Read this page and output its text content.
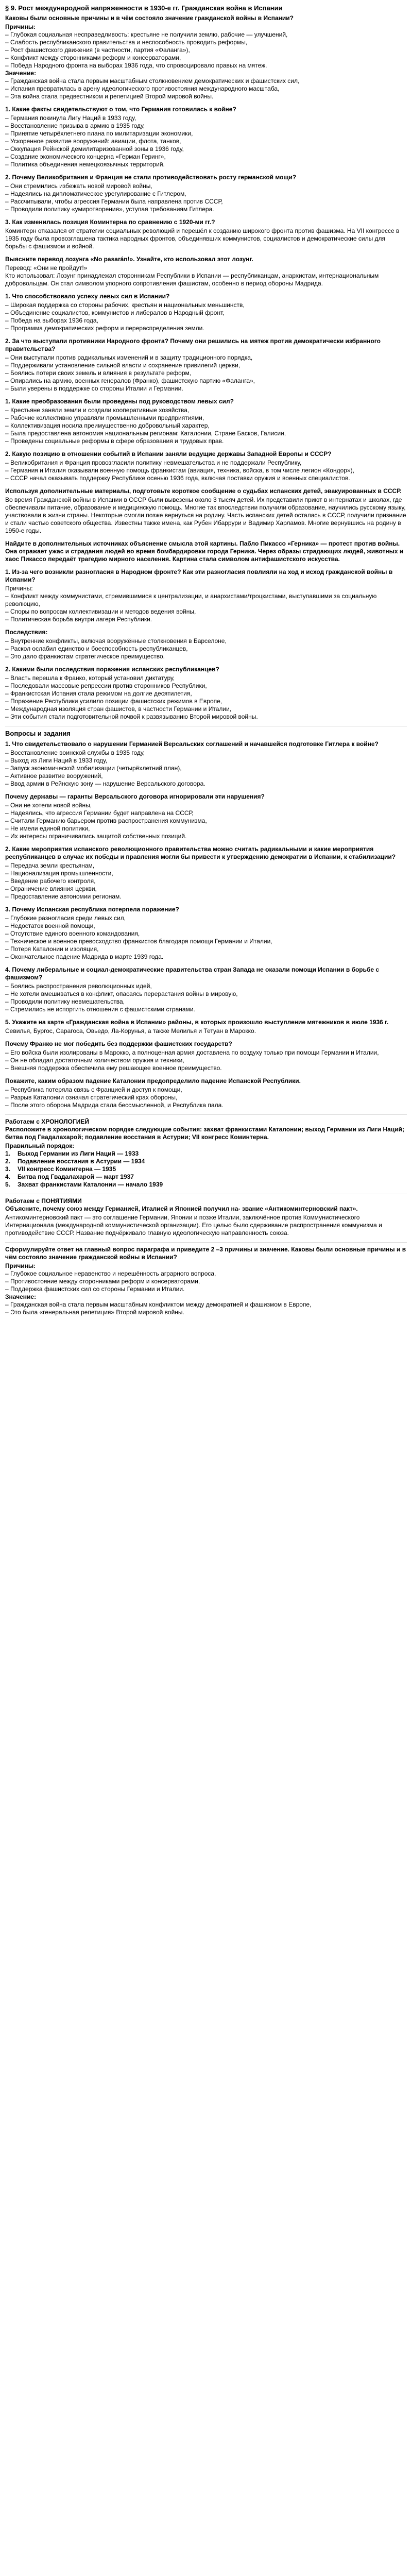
§ 9. Рост международной напряженности в 1930-е гг. Гражданская война в Испании
Каковы были основные причины и в чём состояло значение гражданской войны в Испании?
Причины:
– Глубокая социальная несправедливость: крестьяне не получили землю, рабочие — улучшений,
– Слабость республиканского правительства и неспособность проводить реформы,
– Рост фашистского движения (в частности, партия «Фаланга»),
– Конфликт между сторонниками реформ и консерваторами,
– Победа Народного фронта на выборах 1936 года, что спровоцировало правых на мятеж.
Значение:
– Гражданская война стала первым масштабным столкновением демократических и фашистских сил,
– Испания превратилась в арену идеологического противостояния международного масштаба,
– Эта война стала предвестником и репетицией Второй мировой войны.
1. Какие факты свидетельствуют о том, что Германия готовилась к войне?
– Германия покинула Лигу Наций в 1933 году,
– Восстановление призыва в армию в 1935 году,
– Принятие четырёхлетнего плана по милитаризации экономики,
– Ускоренное развитие вооружений: авиации, флота, танков,
– Оккупация Рейнской демилитаризованной зоны в 1936 году,
– Создание экономического концерна «Герман Геринг»,
– Политика объединения немецкоязычных территорий.
2. Почему Великобритания и Франция не стали противодействовать росту германской мощи?
– Они стремились избежать новой мировой войны,
– Надеялись на дипломатическое урегулирование с Гитлером,
– Рассчитывали, чтобы агрессия Германии была направлена против СССР,
– Проводили политику «умиротворения», уступая требованиям Гитлера.
3. Как изменилась позиция Коминтерна по сравнению с 1920-ми гг.?
Коминтерн отказался от стратегии социальных революций и перешёл к созданию широкого фронта против фашизма. На VII конгрессе в 1935 году была провозглашена тактика народных фронтов, объединявших коммунистов, социалистов и демократические силы для борьбы с фашизмом и войной.
Выясните перевод лозунга «No pasarán!». Узнайте, кто использовал этот лозунг.
Перевод: «Они не пройдут!»
Кто использовал: Лозунг принадлежал сторонникам Республики в Испании — республиканцам, анархистам, интернациональным добровольцам. Он стал символом упорного сопротивления фашистам, особенно в период обороны Мадрида.
1. Что способствовало успеху левых сил в Испании?
– Широкая поддержка со стороны рабочих, крестьян и национальных меньшинств,
– Объединение социалистов, коммунистов и либералов в Народный фронт,
– Победа на выборах 1936 года,
– Программа демократических реформ и перераспределения земли.
2. За что выступали противники Народного фронта? Почему они решились на мятеж против демократически избранного правительства?
– Они выступали против радикальных изменений и в защиту традиционного порядка,
– Поддерживали установление сильной власти и сохранение привилегий церкви,
– Боялись потери своих земель и влияния в результате реформ,
– Опирались на армию, военных генералов (Франко), фашистскую партию «Фаланга»,
– Были уверены в поддержке со стороны Италии и Германии.
1. Какие преобразования были проведены под руководством левых сил?
– Крестьяне заняли земли и создали кооперативные хозяйства,
– Рабочие коллективно управляли промышленными предприятиями,
– Коллективизация носила преимущественно добровольный характер,
– Была предоставлена автономия национальным регионам: Каталонии, Стране Басков, Галисии,
– Проведены социальные реформы в сфере образования и трудовых прав.
2. Какую позицию в отношении событий в Испании заняли ведущие державы Западной Европы и СССР?
– Великобритания и Франция провозгласили политику невмешательства и не поддержали Республику,
– Германия и Италия оказывали военную помощь франкистам (авиация, техника, войска, в том числе легион «Кондор»),
– СССР начал оказывать поддержку Республике осенью 1936 года, включая поставки оружия и военных специалистов.
Используя дополнительные материалы, подготовьте короткое сообщение о судьбах испанских детей, эвакуированных в СССР.
Во время Гражданской войны в Испании в СССР были вывезены около 3 тысяч детей. Их представили приют в интернатах и школах, где обеспечивали питание, образование и медицинскую помощь. Многие так впоследствии получили образование, научились русскому языку, участвовали в жизни страны. Некоторые смогли позже вернуться на родину. Часть испанских детей осталась в СССР, получили признание и стали частью советского общества. Известны также имена, как Рубен Ибаррури и Вадимир Харламов. Многие вернувшись на родину в 1950-е годы.
Найдите в дополнительных источниках объяснение смысла этой картины. Пабло Пикассо «Герника» — протест против войны. Она отражает ужас и страдания людей во время бомбардировки города Герника. Через образы страдающих людей, животных и хаос Пикассо передаёт трагедию мирного населения. Картина стала символом антифашистского искусства.
1. Из-за чего возникли разногласия в Народном фронте? Как эти разногласия повлияли на ход и исход гражданской войны в Испании?
Причины:
– Конфликт между коммунистами, стремившимися к централизации, и анархистами/троцкистами, выступавшими за социальную революцию,
– Споры по вопросам коллективизации и методов ведения войны,
– Политическая борьба внутри лагеря Республики.
Последствия:
– Внутренние конфликты, включая вооружённые столкновения в Барселоне,
– Раскол ослабил единство и боеспособность республиканцев,
– Это дало франкистам стратегическое преимущество.
2. Какими были последствия поражения испанских республиканцев?
– Власть перешла к Франко, который установил диктатуру,
– Последовали массовые репрессии против сторонников Республики,
– Франкистская Испания стала режимом на долгие десятилетия,
– Поражение Республики усилило позиции фашистских режимов в Европе,
– Международная изоляция стран фашистов, в частности Германии и Италии,
– Эти события стали подготовительной почвой к развязыванию Второй мировой войны.
Вопросы и задания
1. Что свидетельствовало о нарушении Германией Версальских соглашений и начавшейся подготовке Гитлера к войне?
– Восстановление воинской службы в 1935 году,
– Выход из Лиги Наций в 1933 году,
– Запуск экономической мобилизации (четырёхлетний план),
– Активное развитие вооружений,
– Ввод армии в Рейнскую зону — нарушение Версальского договора.
Почему державы — гаранты Версальского договора игнорировали эти нарушения?
– Они не хотели новой войны,
– Надеялись, что агрессия Германии будет направлена на СССР,
– Считали Германию барьером против распространения коммунизма,
– Не имели единой политики,
– Их интересы ограничивались защитой собственных позиций.
2. Какие мероприятия испанского революционного правительства можно считать радикальными и какие мероприятия республиканцев в случае их победы и правления могли бы привести к утверждению демократии в Испании, к стабилизации?
– Передача земли крестьянам,
– Национализация промышленности,
– Введение рабочего контроля,
– Ограничение влияния церкви,
– Предоставление автономии регионам.
3. Почему Испанская республика потерпела поражение?
– Глубокие разногласия среди левых сил,
– Недостаток военной помощи,
– Отсутствие единого военного командования,
– Техническое и военное превосходство франкистов благодаря помощи Германии и Италии,
– Потеря Каталонии и изоляция,
– Окончательное падение Мадрида в марте 1939 года.
4. Почему либеральные и социал-демократические правительства стран Запада не оказали помощи Испании в борьбе с фашизмом?
– Боялись распространения революционных идей,
– Не хотели вмешиваться в конфликт, опасаясь перерастания войны в мировую,
– Проводили политику невмешательства,
– Стремились не испортить отношения с фашистскими странами.
5. Укажите на карте «Гражданская война в Испании» районы, в которых произошло выступление мятежников в июле 1936 г.
Севилья, Бургос, Сарагоса, Овьедо, Ла-Корунья, а также Мелилья и Тетуан в Марокко.
Почему Франко не мог победить без поддержки фашистских государств?
– Его войска были изолированы в Марокко, а полноценная армия доставлена по воздуху только при помощи Германии и Италии,
– Он не обладал достаточным количеством оружия и техники,
– Внешняя поддержка обеспечила ему решающее военное преимущество.
Покажите, каким образом падение Каталонии предопределило падение Испанской Республики.
– Республика потеряла связь с Францией и доступ к помощи,
– Разрыв Каталонии означал стратегический крах обороны,
– После этого оборона Мадрида стала бессмысленной, и Республика пала.
Работаем с ХРОНОЛОГИЕЙ
Расположите в хронологическом порядке следующие события: захват франкистами Каталонии; выход Германии из Лиги Наций; битва под Гвадалахарой; подавление восстания в Астурии; VII конгресс Коминтерна.
Правильный порядок:
1. Выход Германии из Лиги Наций — 1933
2. Подавление восстания в Астурии — 1934
3. VII конгресс Коминтерна — 1935
4. Битва под Гвадалахарой — март 1937
5. Захват франкистами Каталонии — начало 1939
Работаем с ПОНЯТИЯМИ
Объясните, почему союз между Германией, Италией и Японией получил на- звание «Антикоминтерновский пакт».
Антикоминтерновский пакт — это соглашение Германии, Японии и позже Италии, заключённое против Коммунистического Интернационала (международной коммунистической организации). Его целью было сдерживание распространения коммунизма и противодействие СССР. Название подчёркивало главную идеологическую направленность союза.
Сформулируйте ответ на главный вопрос параграфа и приведите 2 –3 причины и значение. Каковы были основные причины и в чём состояло значение гражданской войны в Испании?
Причины:
– Глубокое социальное неравенство и нерешённость аграрного вопроса,
– Противостояние между сторонниками реформ и консерваторами,
– Поддержка фашистских сил со стороны Германии и Италии.
Значение:
– Гражданская война стала первым масштабным конфликтом между демократией и фашизмом в Европе,
– Это была «генеральная репетиция» Второй мировой войны.
